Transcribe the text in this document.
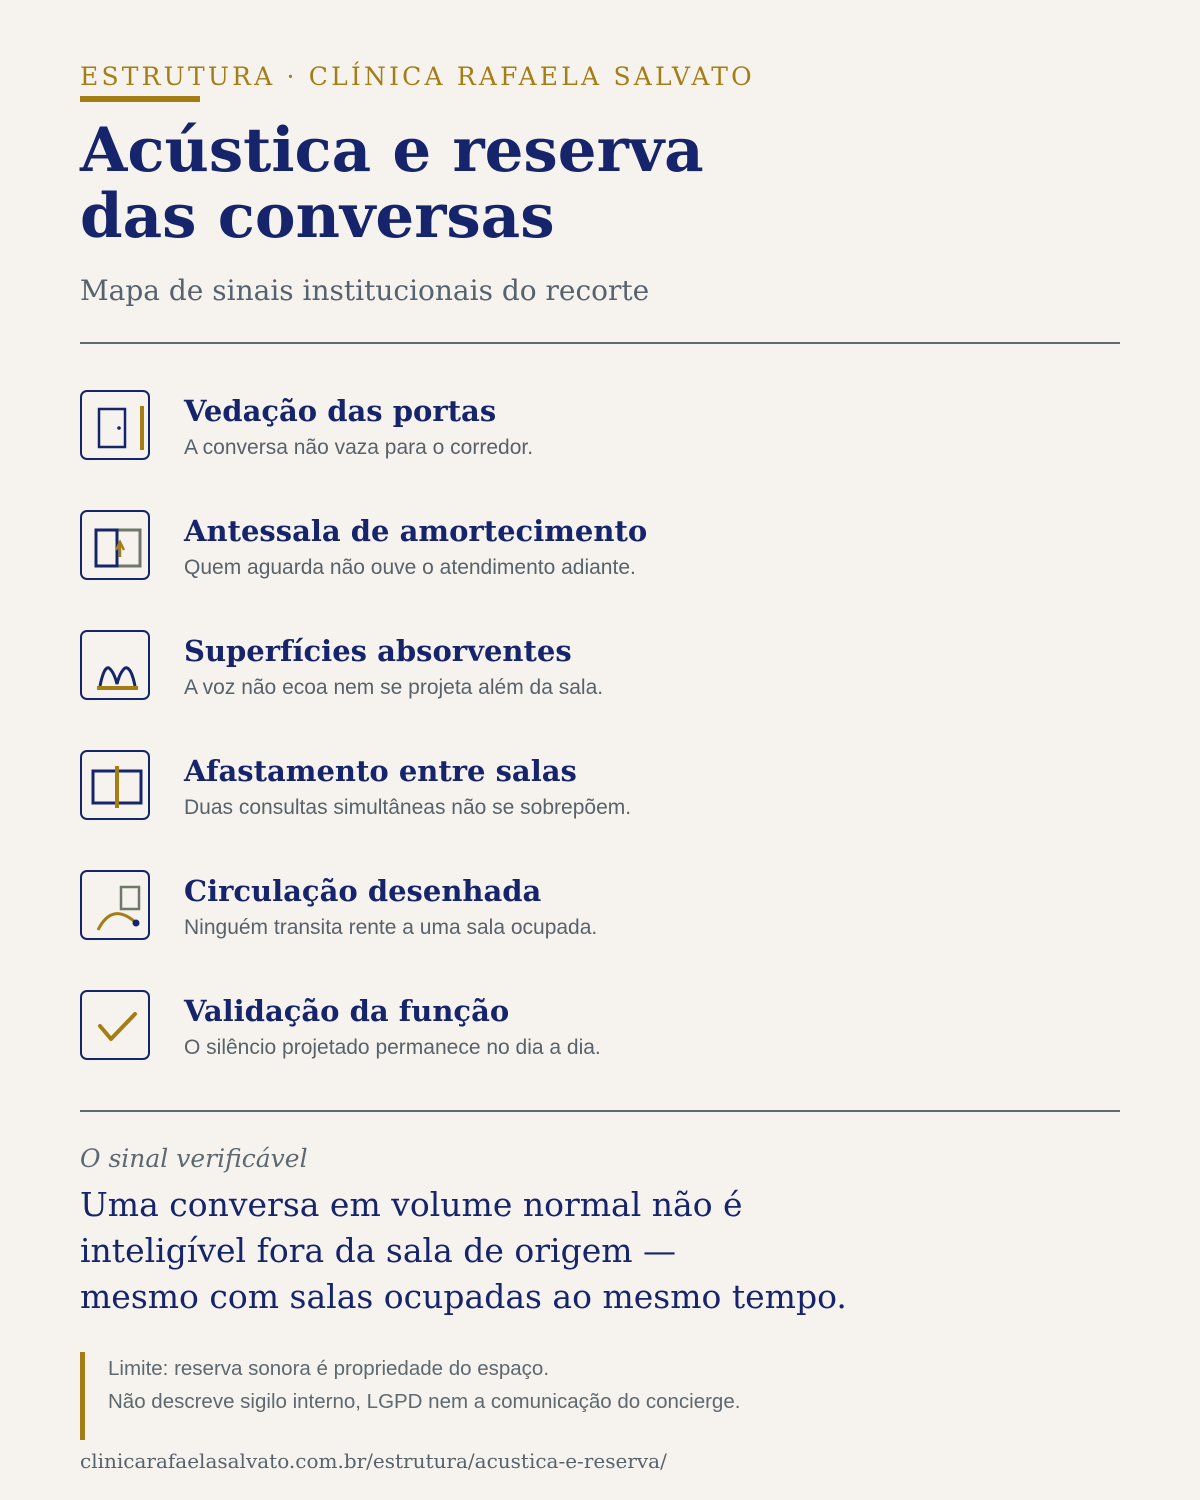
ESTRUTURA · CLÍNICA RAFAELA SALVATO
Acústica e reserva
das conversas
Mapa de sinais institucionais do recorte
Vedação das portas
A conversa não vaza para o corredor.
Antessala de amortecimento
Quem aguarda não ouve o atendimento adiante.
Superfícies absorventes
A voz não ecoa nem se projeta além da sala.
Afastamento entre salas
Duas consultas simultâneas não se sobrepõem.
Circulação desenhada
Ninguém transita rente a uma sala ocupada.
Validação da função
O silêncio projetado permanece no dia a dia.
O sinal verificável
Uma conversa em volume normal não é
inteligível fora da sala de origem —
mesmo com salas ocupadas ao mesmo tempo.
Limite: reserva sonora é propriedade do espaço.
Não descreve sigilo interno, LGPD nem a comunicação do concierge.
clinicarafaelasalvato.com.br/estrutura/acustica-e-reserva/
